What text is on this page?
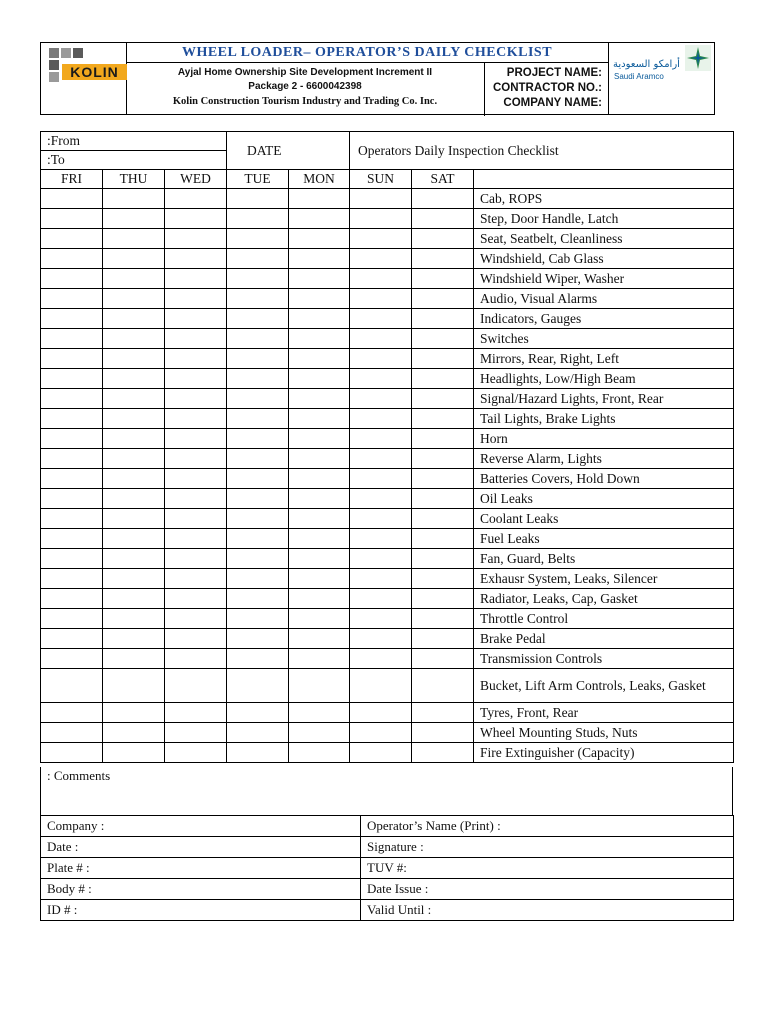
KOLIN
WHEEL LOADER– OPERATOR’S DAILY CHECKLIST
Ayjal Home Ownership Site Development Increment II
Package 2 - 6600042398
Kolin Construction Tourism Industry and Trading Co. Inc.
PROJECT NAME:
CONTRACTOR NO.:
COMPANY NAME:
أرامكو السعودية
Saudi Aramco
:From
:To			DATE		Operators Daily Inspection Checklist		
FRI	THU	WED	TUE	MON	SUN	SAT	
							Cab, ROPS
							Step, Door Handle, Latch
							Seat, Seatbelt, Cleanliness
							Windshield, Cab Glass
							Windshield Wiper, Washer
							Audio, Visual Alarms
							Indicators, Gauges
							Switches
							Mirrors, Rear, Right, Left
							Headlights, Low/High Beam
							Signal/Hazard Lights, Front, Rear
							Tail Lights, Brake Lights
							Horn
							Reverse Alarm, Lights
							Batteries Covers, Hold Down
							Oil Leaks
							Coolant Leaks
							Fuel Leaks
							Fan, Guard, Belts
							Exhausr System, Leaks, Silencer
							Radiator, Leaks, Cap, Gasket
							Throttle Control
							Brake Pedal
							Transmission Controls
							Bucket, Lift Arm Controls, Leaks, Gasket
							Tyres, Front, Rear
							Wheel Mounting Studs, Nuts
							Fire Extinguisher (Capacity)
: Comments
Company :	Operator’s Name (Print) :
Date :	Signature :
Plate # :	TUV #:
Body # :	Date Issue :
ID # :	Valid Until :
